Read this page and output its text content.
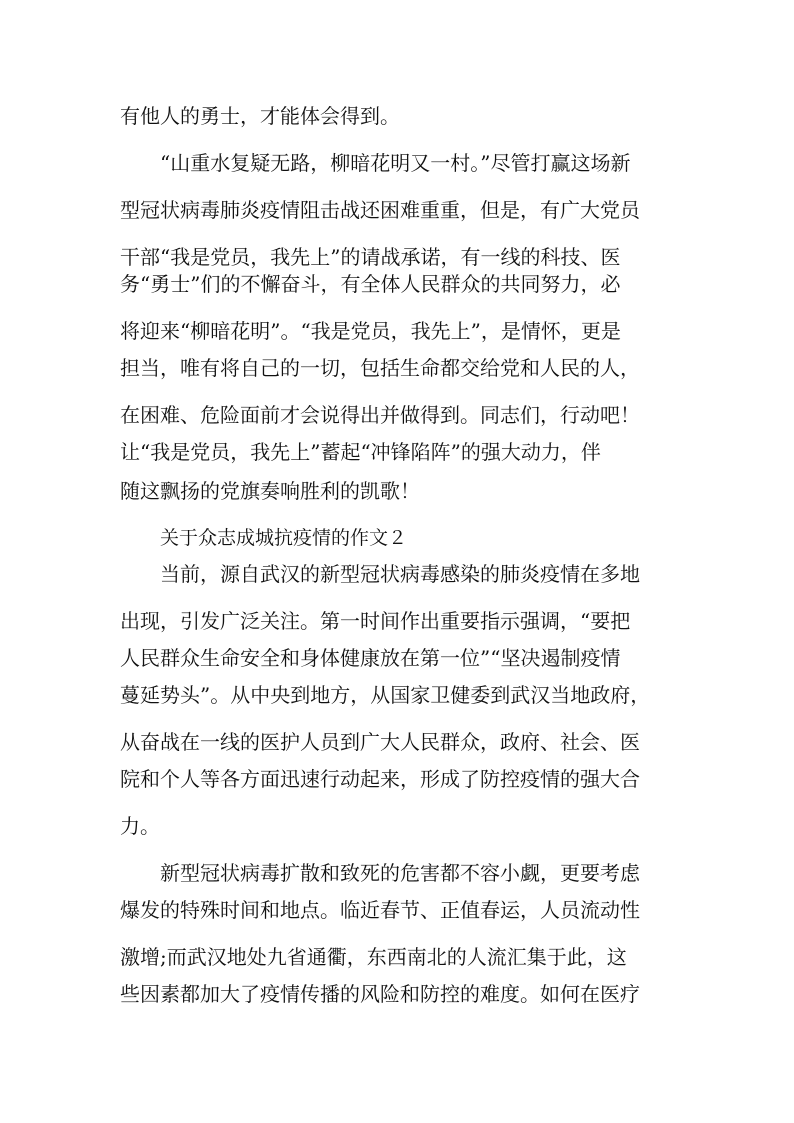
有他人的勇士，才能体会得到。
“山重水复疑无路，柳暗花明又一村。”尽管打赢这场新
型冠状病毒肺炎疫情阻击战还困难重重，但是，有广大党员
干部“我是党员，我先上”的请战承诺，有一线的科技、医
务“勇士”们的不懈奋斗，有全体人民群众的共同努力，必
将迎来“柳暗花明”。“我是党员，我先上”，是情怀，更是
担当，唯有将自己的一切，包括生命都交给党和人民的人，
在困难、危险面前才会说得出并做得到。同志们，行动吧！
让“我是党员，我先上”蓄起“冲锋陷阵”的强大动力，伴
随这飘扬的党旗奏响胜利的凯歌！
关于众志成城抗疫情的作文２
当前，源自武汉的新型冠状病毒感染的肺炎疫情在多地
出现，引发广泛关注。第一时间作出重要指示强调，“要把
人民群众生命安全和身体健康放在第一位”“坚决遏制疫情
蔓延势头”。从中央到地方，从国家卫健委到武汉当地政府，
从奋战在一线的医护人员到广大人民群众，政府、社会、医
院和个人等各方面迅速行动起来，形成了防控疫情的强大合
力。
新型冠状病毒扩散和致死的危害都不容小觑，更要考虑
爆发的特殊时间和地点。临近春节、正值春运，人员流动性
激增;而武汉地处九省通衢，东西南北的人流汇集于此，这
些因素都加大了疫情传播的风险和防控的难度。如何在医疗
